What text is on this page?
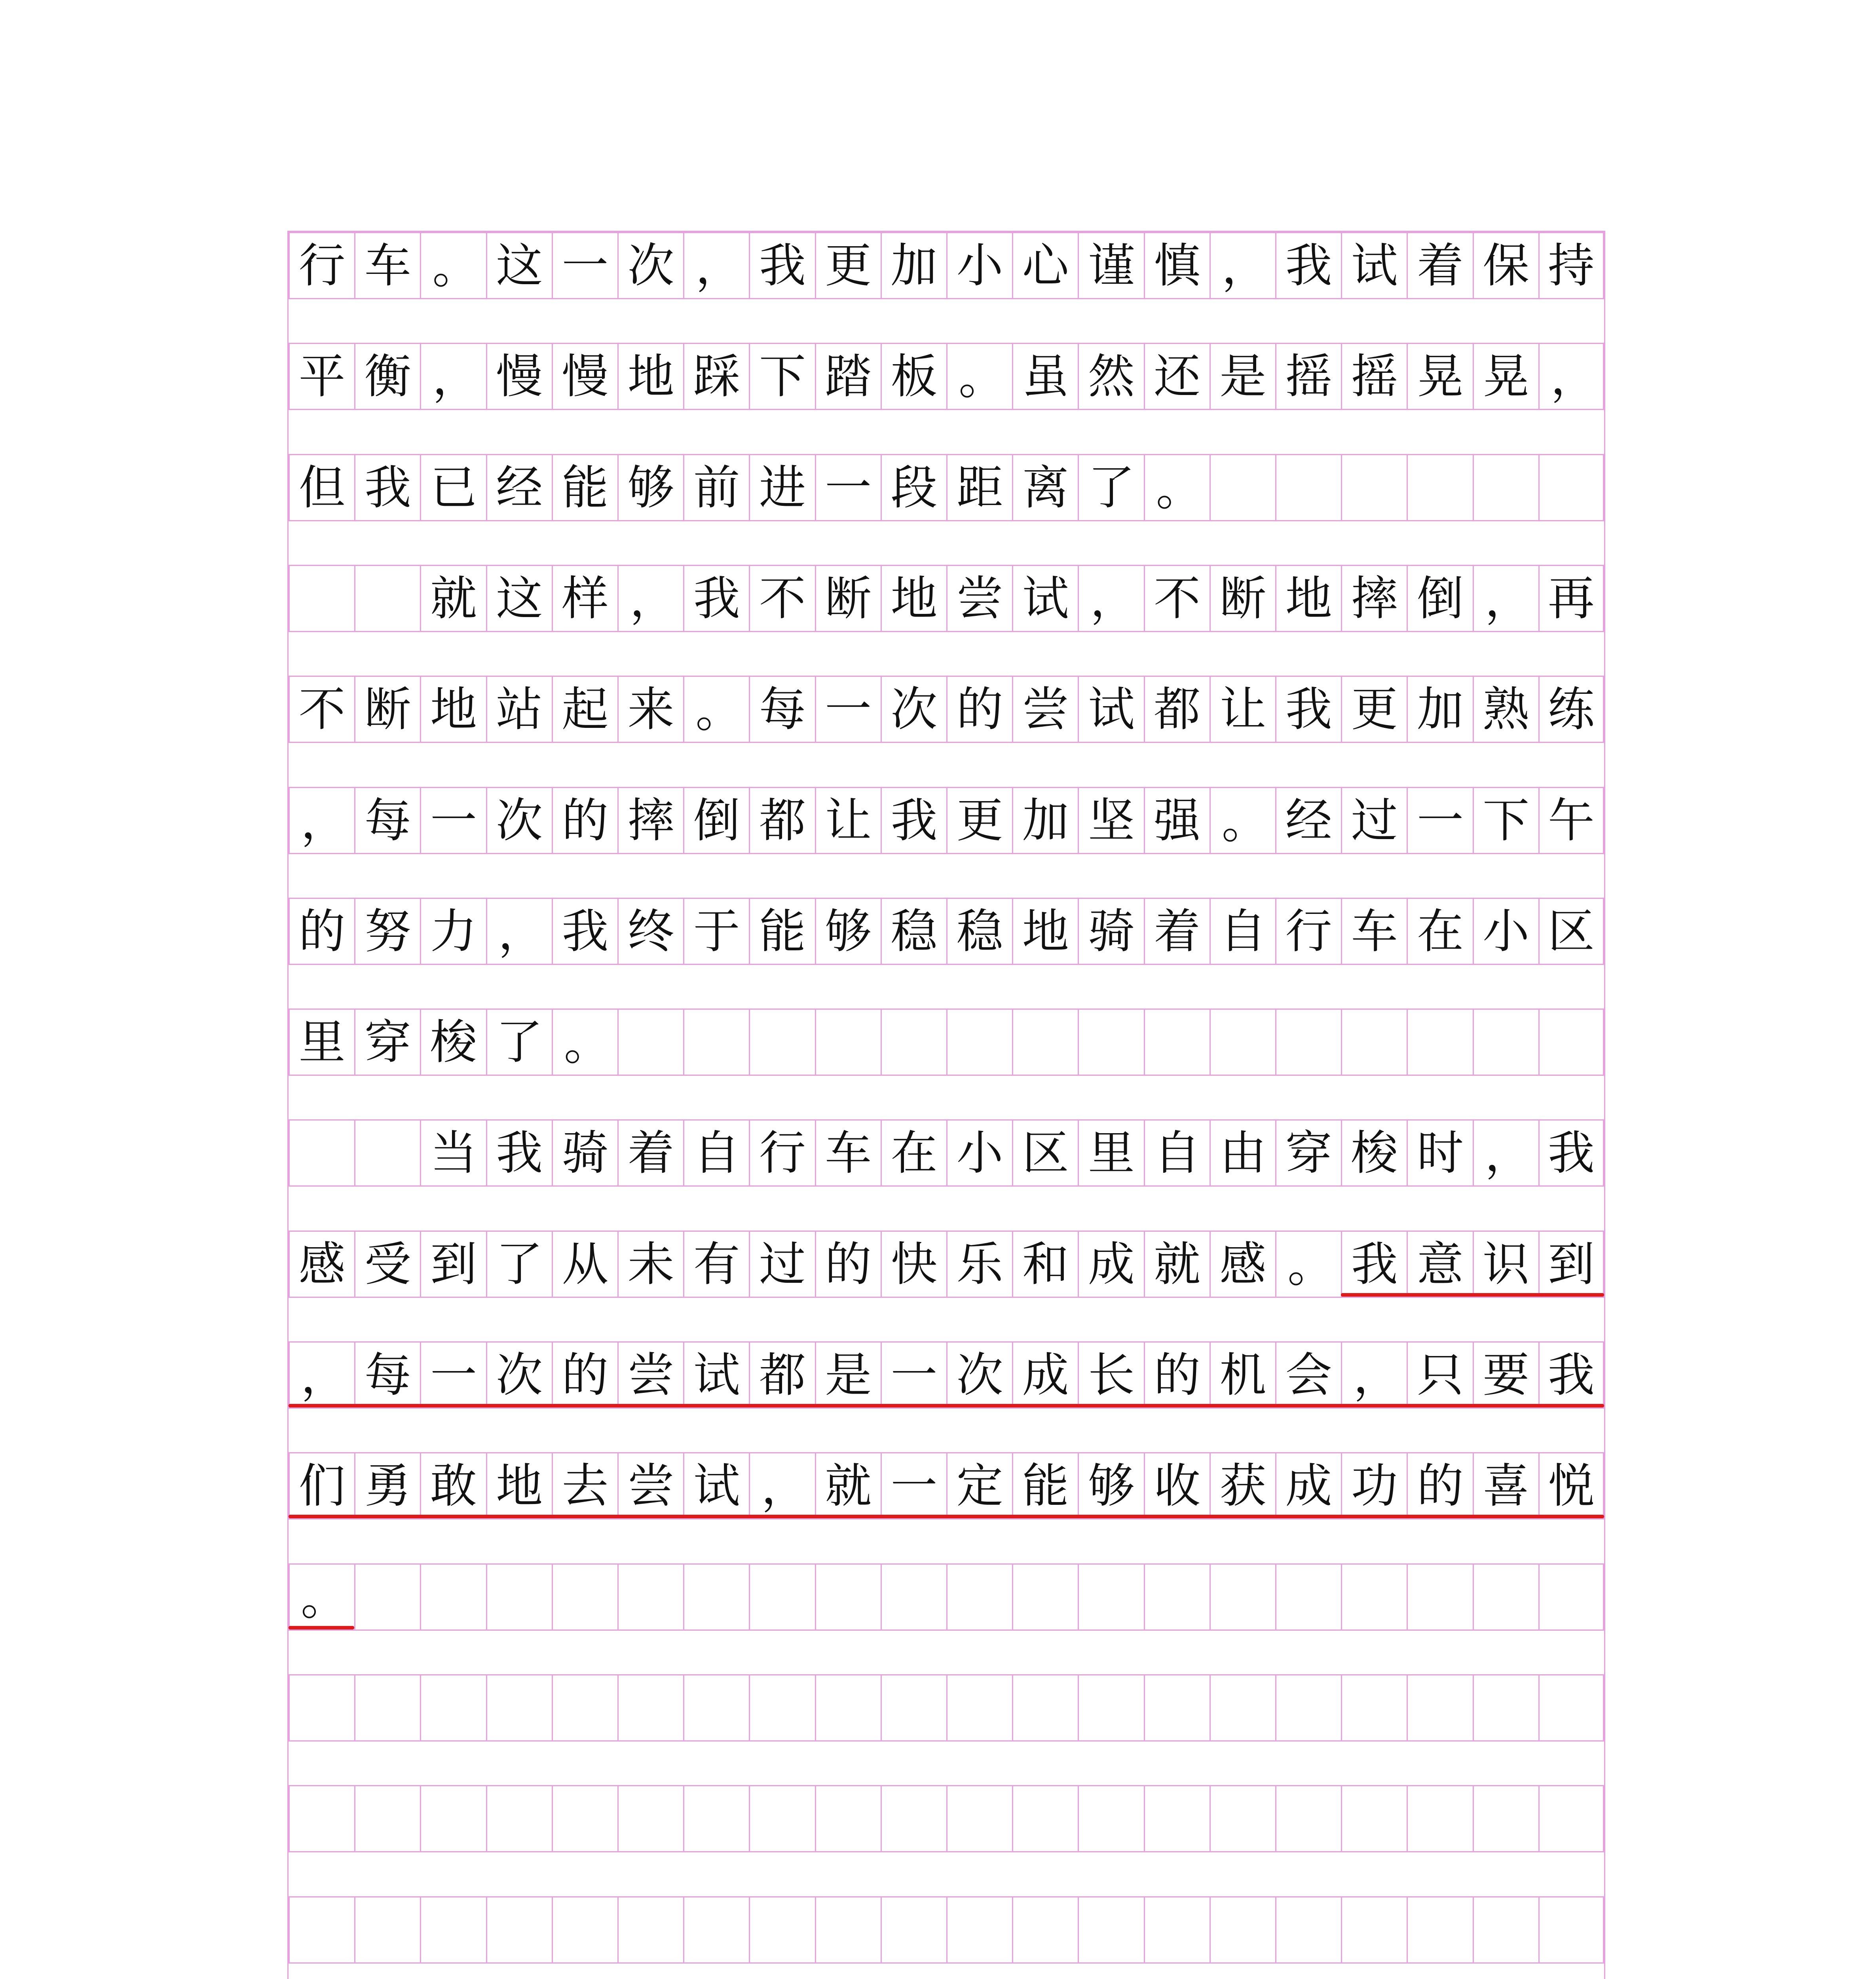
行 车 。 这 一 次 ， 我 更 加 小 心 谨 慎 ， 我 试 着 保 持
平 衡 ， 慢 慢 地 踩 下 踏 板 。 虽 然 还 是 摇 摇 晃 晃 ，
但 我 已 经 能 够 前 进 一 段 距 离 了 。
就 这 样 ， 我 不 断 地 尝 试 ， 不 断 地 摔 倒 ， 再
不 断 地 站 起 来 。 每 一 次 的 尝 试 都 让 我 更 加 熟 练
， 每 一 次 的 摔 倒 都 让 我 更 加 坚 强 。 经 过 一 下 午
的 努 力 ， 我 终 于 能 够 稳 稳 地 骑 着 自 行 车 在 小 区
里 穿 梭 了 。
当 我 骑 着 自 行 车 在 小 区 里 自 由 穿 梭 时 ， 我
感 受 到 了 从 未 有 过 的 快 乐 和 成 就 感 。 我 意 识 到
， 每 一 次 的 尝 试 都 是 一 次 成 长 的 机 会 ， 只 要 我
们 勇 敢 地 去 尝 试 ， 就 一 定 能 够 收 获 成 功 的 喜 悦
。
